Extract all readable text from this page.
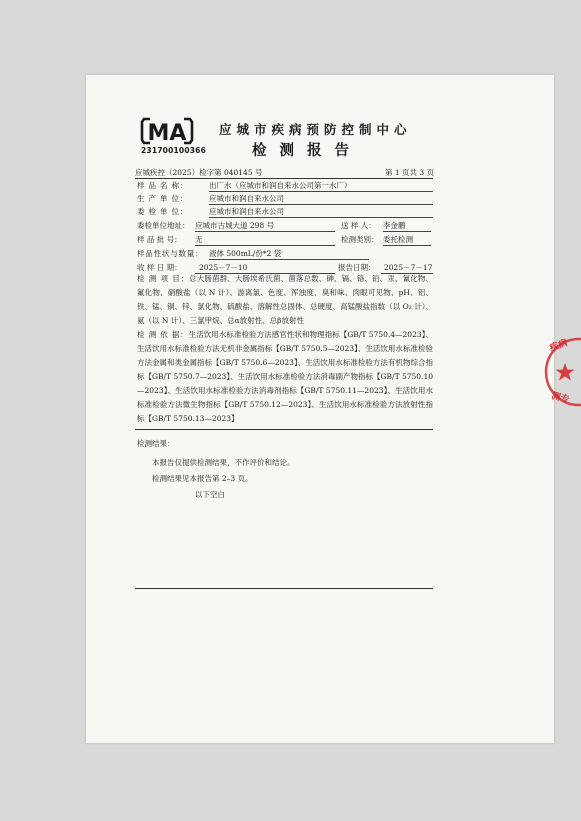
MA
231700100366
应城市疾病预防控制中心
检测报告
应城疾控（2025）检字第 040145 号	第 1 页共 3 页
样 品 名 称：	出厂水（应城市和润自来水公司第一水厂）
生 产 单 位：	应城市和润自来水公司
委 检 单 位：	应城市和润自来水公司
委检单位地址： 应城市古城大道 298 号	送 样 人： 李金鹏
样 品 批 号： 无	检测类别： 委托检测
样品性状与数量： 液体 500mL/份*2 袋
收 样 日 期：	2025－7－10	报告日期：	2025－7－17
检 测 项 目：总大肠菌群、大肠埃希氏菌、菌落总数、砷、镉、铬、铅、汞、氰化物、氟化物、硝酸盐（以 N 计）、游离氯、色度、浑浊度、臭和味、肉眼可见物、pH、铝、铁、锰、铜、锌、氯化物、硫酸盐、溶解性总固体、总硬度、高锰酸盐指数（以 O₂ 计）、氨（以 N 计）、三氯甲烷、总α放射性、总β放射性
检 测 依 据：生活饮用水标准检验方法感官性状和物理指标【GB/T 5750.4—2023】、生活饮用水标准检验方法无机非金属指标【GB/T 5750.5—2023】、生活饮用水标准检验方法金属和类金属指标【GB/T 5750.6—2023】、生活饮用水标准检验方法有机物综合指标【GB/T 5750.7—2023】、生活饮用水标准检验方法消毒副产物指标【GB/T 5750.10—2023】、生活饮用水标准检验方法消毒剂指标【GB/T 5750.11—2023】、生活饮用水标准检验方法微生物指标【GB/T 5750.12—2023】、生活饮用水标准检验方法放射性指标【GB/T 5750.13—2023】
检测结果：
本报告仅提供检测结果，不作评价和结论。
检测结果见本报告第 2–3 页。
以下空白
疾病
测专
